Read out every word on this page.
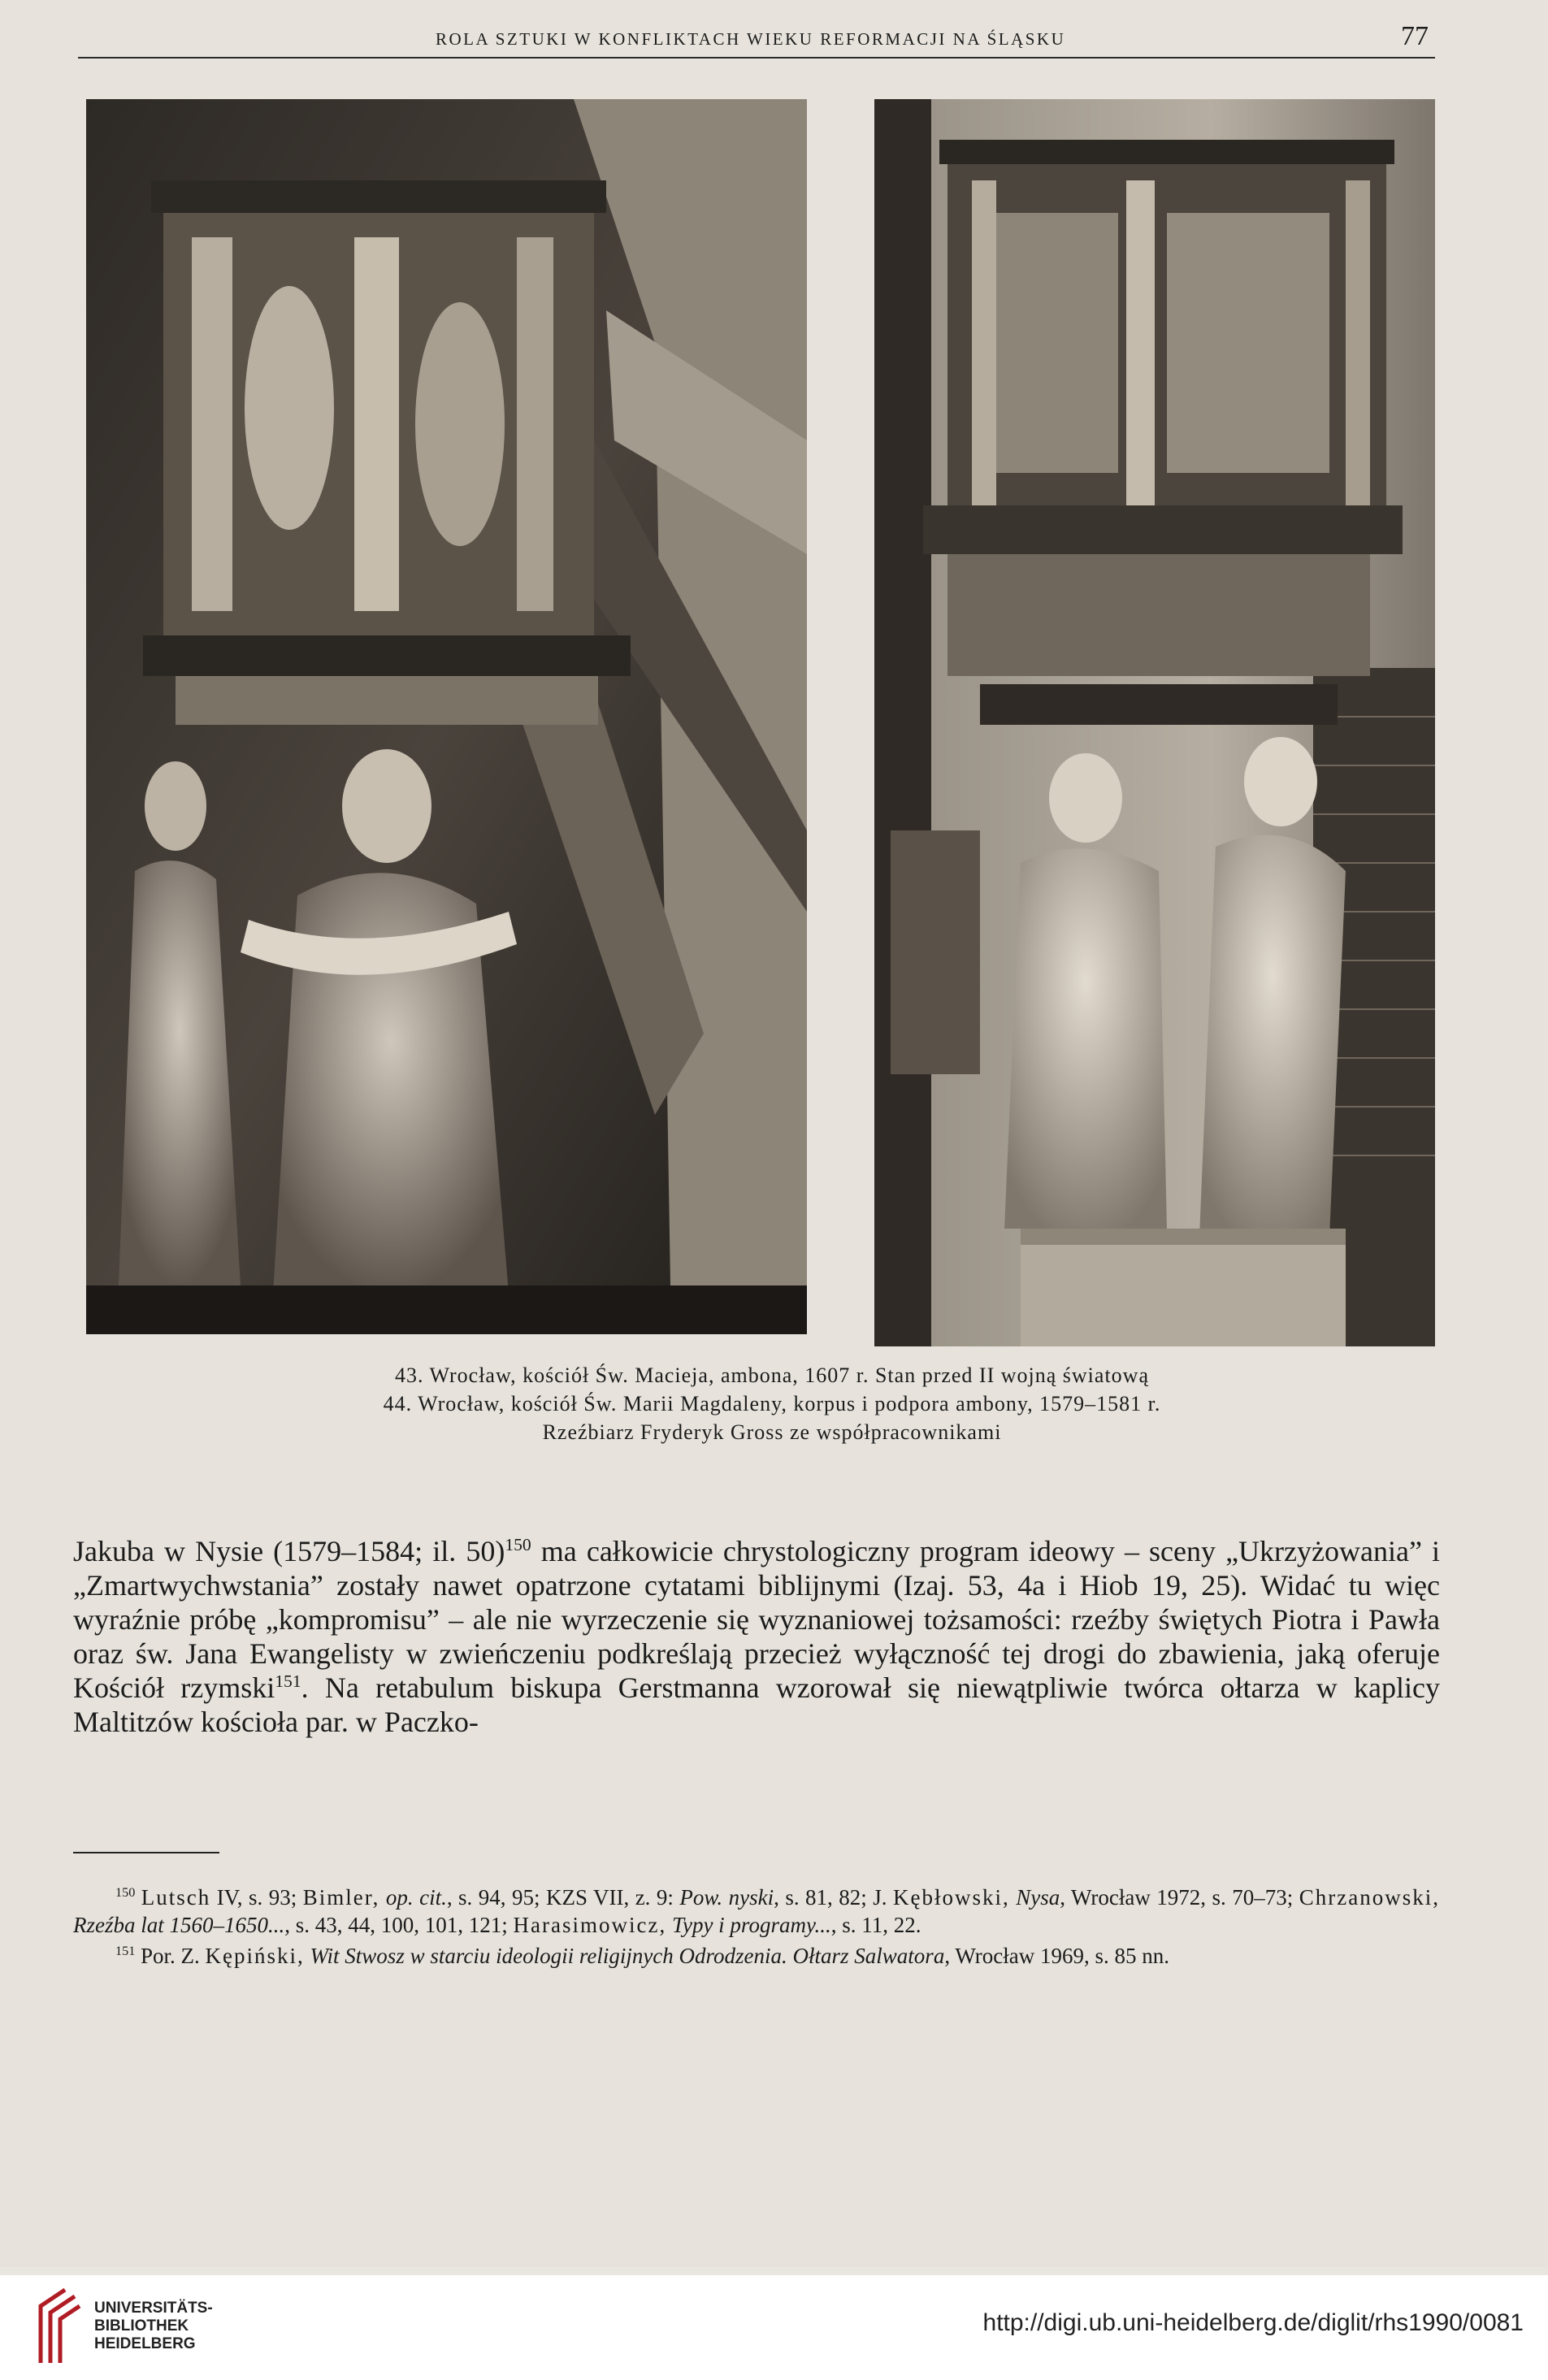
ROLA SZTUKI W KONFLIKTACH WIEKU REFORMACJI NA ŚLĄSKU	77
43. Wrocław, kościół Św. Macieja, ambona, 1607 r. Stan przed II wojną światową
44. Wrocław, kościół Św. Marii Magdaleny, korpus i podpora ambony, 1579–1581 r.
Rzeźbiarz Fryderyk Gross ze współpracownikami
Jakuba w Nysie (1579–1584; il. 50)$^{150}$ ma całkowicie chrystologiczny program ideowy – sceny „Ukrzyżowania” i „Zmartwychwstania” zostały nawet opatrzone cytatami biblijnymi (Izaj. 53, 4a i Hiob 19, 25). Widać tu więc wyraźnie próbę „kompromisu” – ale nie wyrzeczenie się wyznaniowej tożsamości: rzeźby świętych Piotra i Pawła oraz św. Jana Ewangelisty w zwieńczeniu podkreślają przecież wyłączność tej drogi do zbawienia, jaką oferuje Kościół rzymski$^{151}$. Na retabulum biskupa Gerstmanna wzorował się niewątpliwie twórca ołtarza w kaplicy Maltitzów kościoła par. w Paczko-

$^{150}$ Lutsch IV, s. 93; Bimler, op. cit., s. 94, 95; KZS VII, z. 9: Pow. nyski, s. 81, 82; J. Kębłowski, Nysa, Wrocław 1972, s. 70–73; Chrzanowski, Rzeźba lat 1560–1650..., s. 43, 44, 100, 101, 121; Harasimowicz, Typy i programy..., s. 11, 22.

$^{151}$ Por. Z. Kępiński, Wit Stwosz w starciu ideologii religijnych Odrodzenia. Ołtarz Salwatora, Wrocław 1969, s. 85 nn.

UNIVERSITÄTS-
BIBLIOTHEK
HEIDELBERG
http://digi.ub.uni-heidelberg.de/diglit/rhs1990/0081
